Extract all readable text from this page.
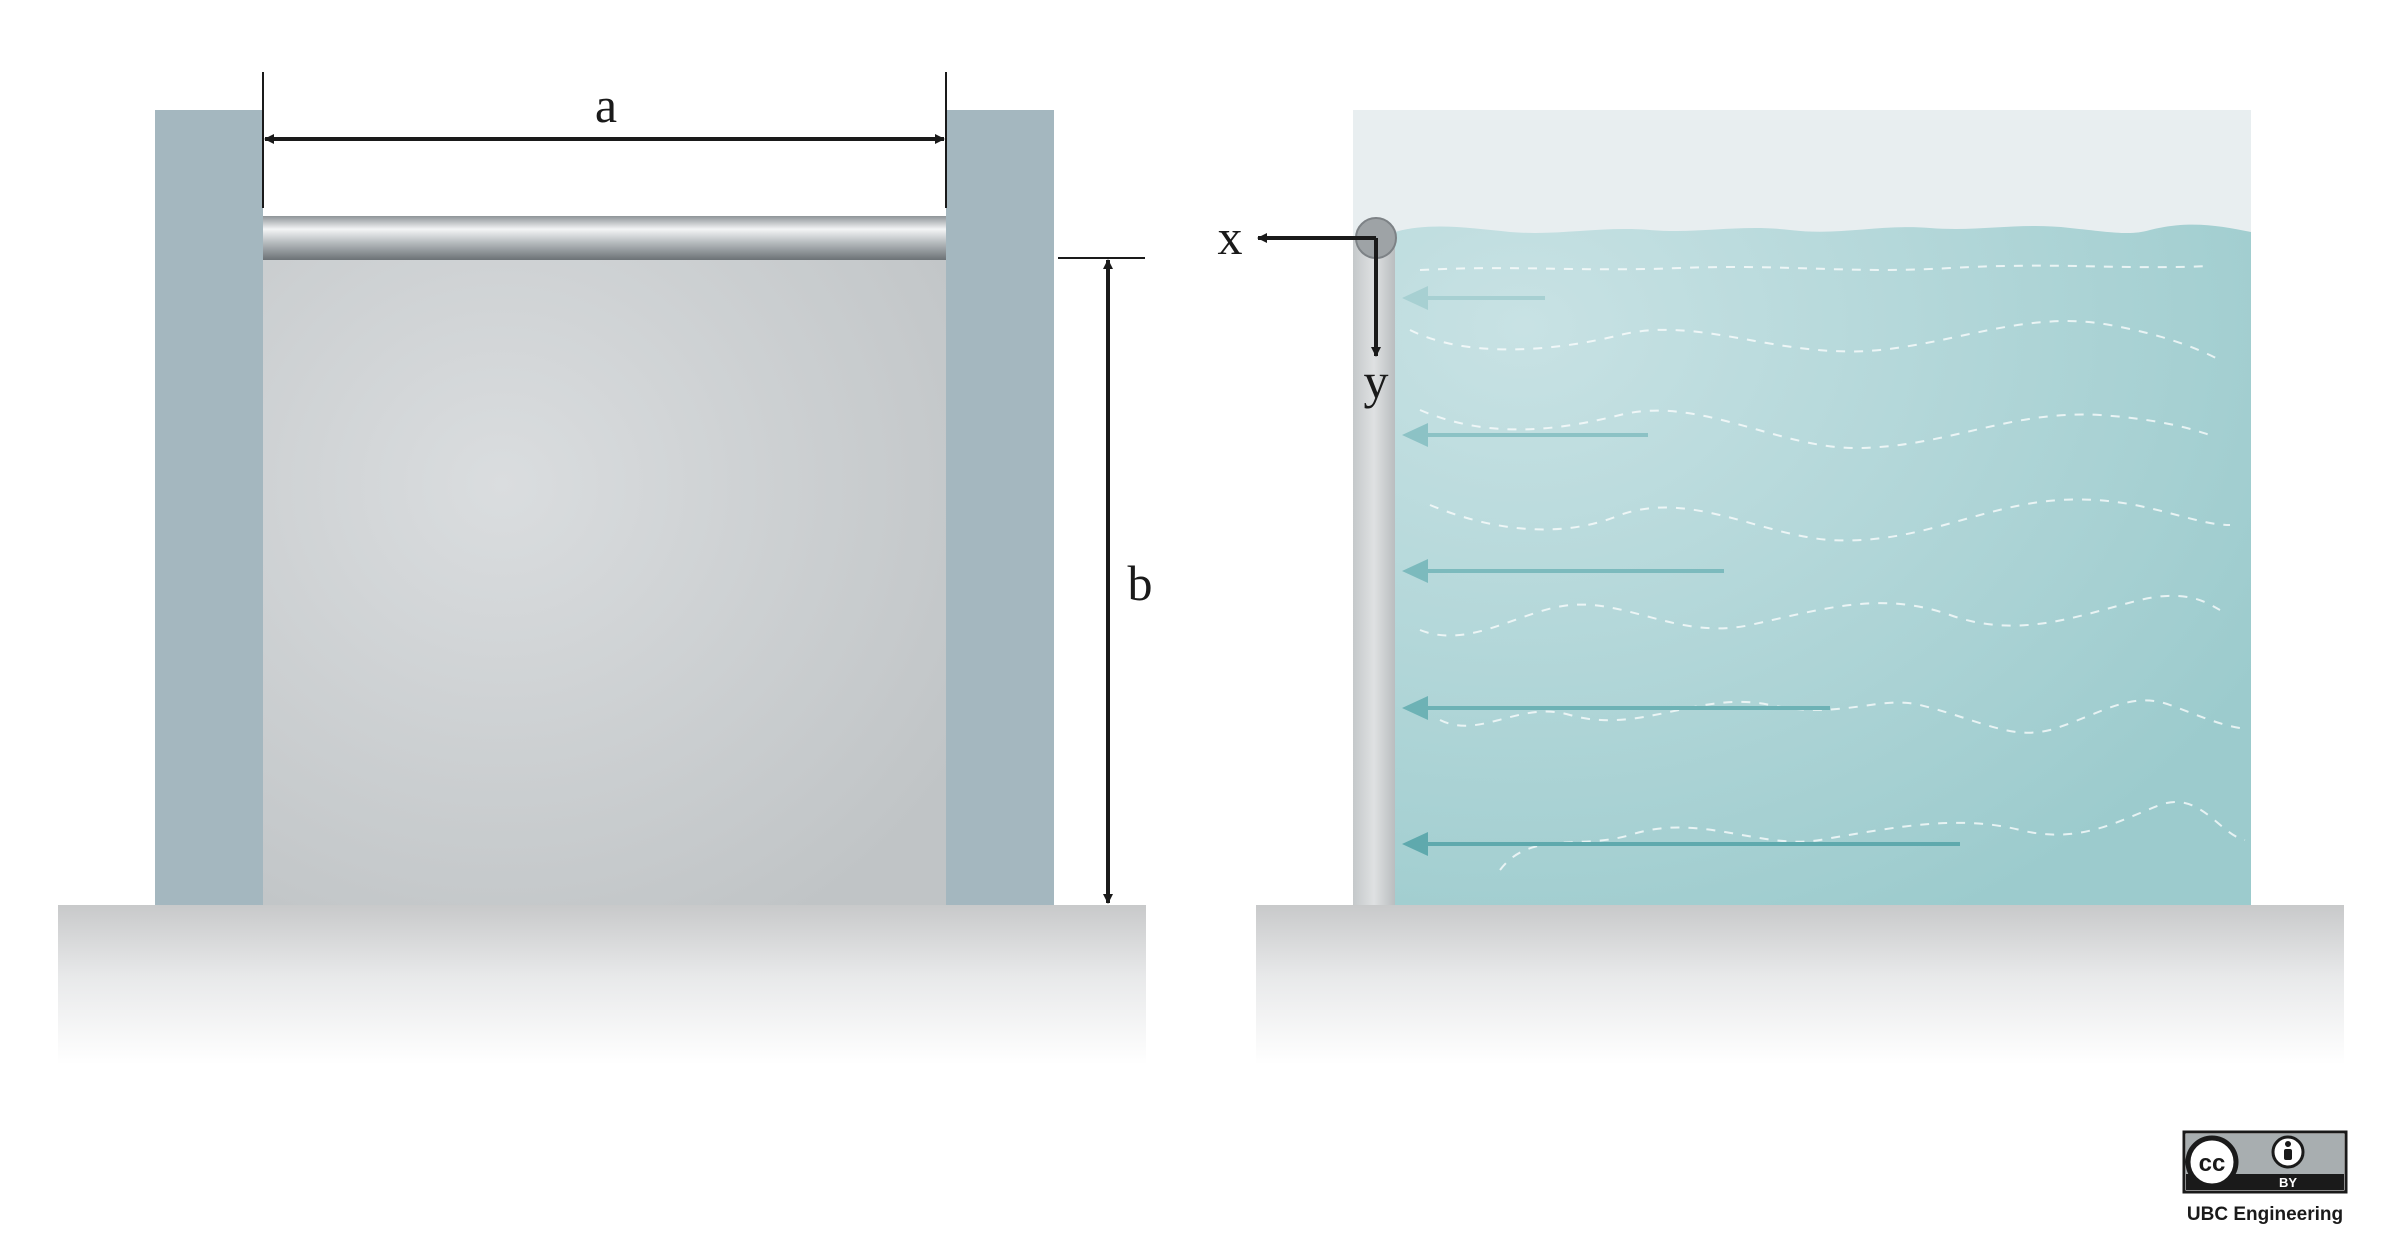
a
b
x
y
cc
BY
UBC Engineering
